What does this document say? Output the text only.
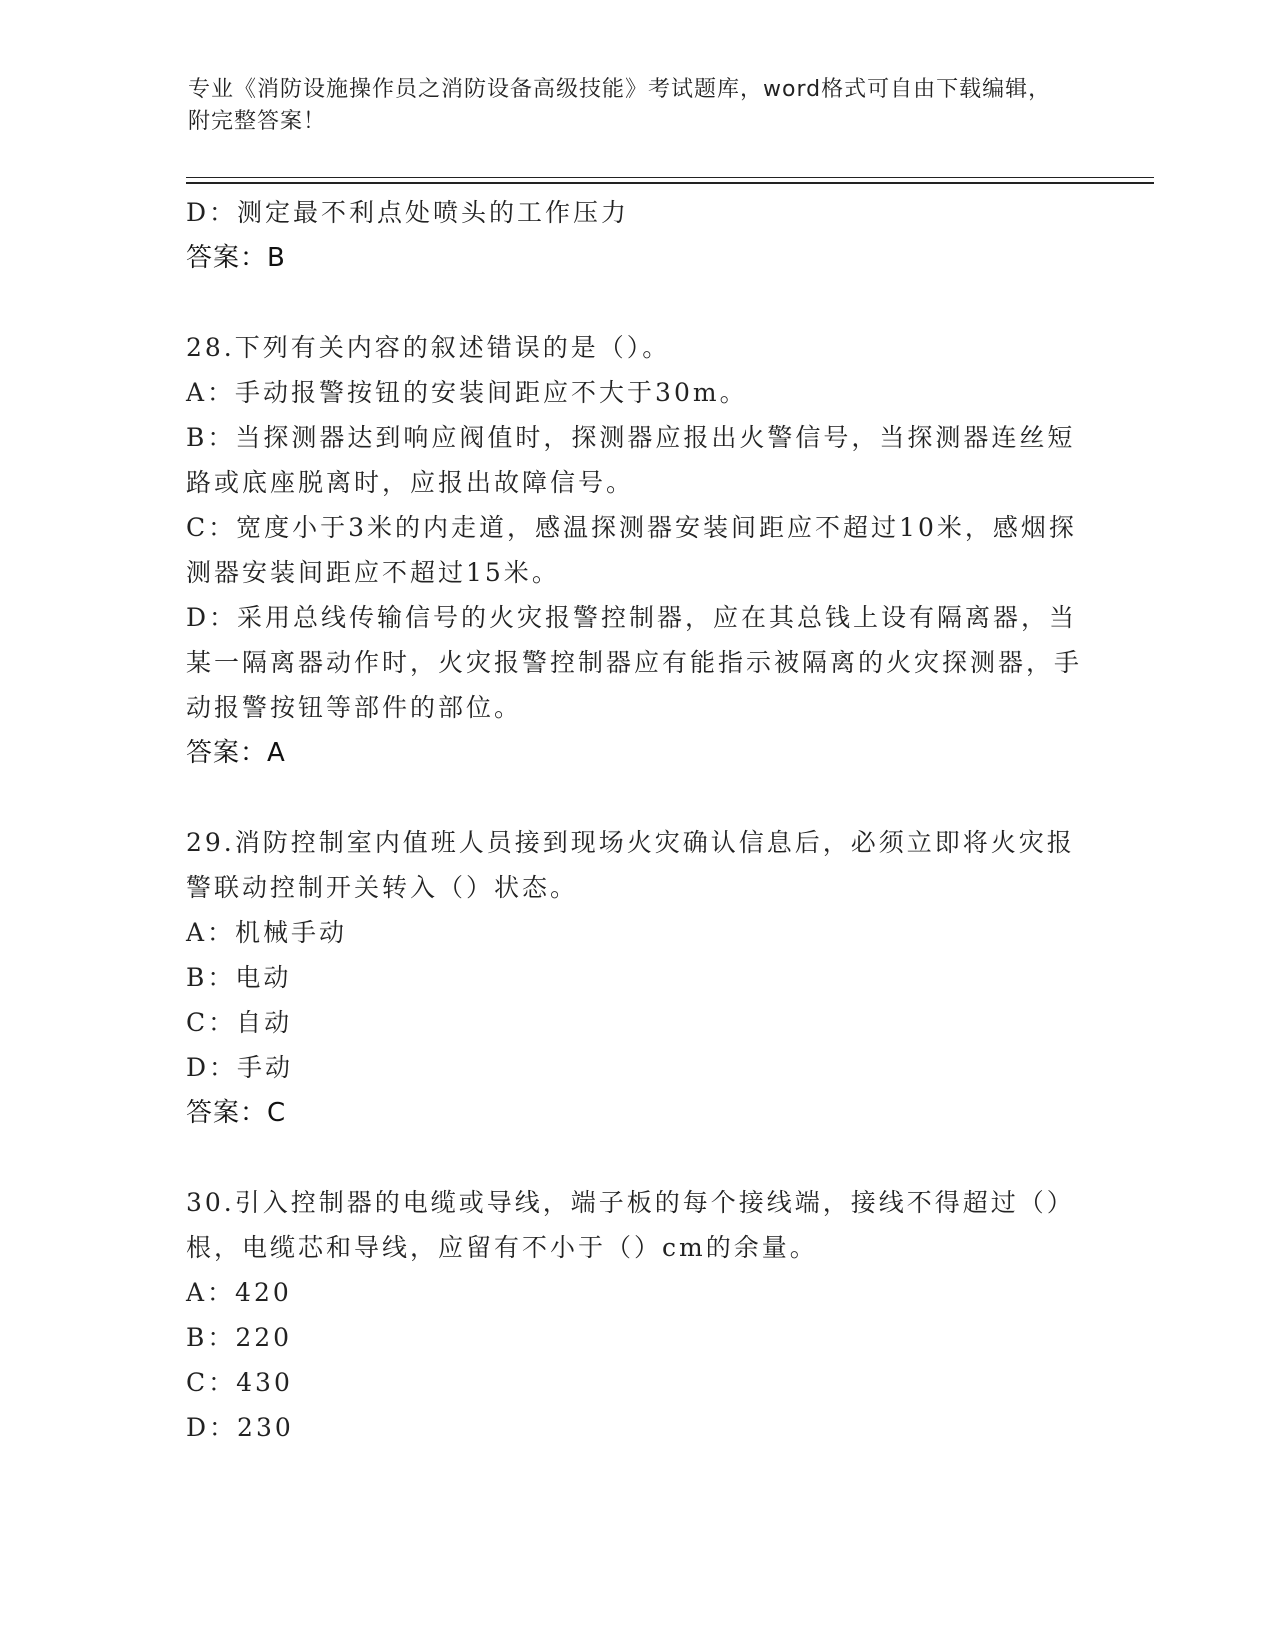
专业《消防设施操作员之消防设备高级技能》考试题库，word格式可自由下载编辑，附完整答案！
D：测定最不利点处喷头的工作压力
答案：B
28.下列有关内容的叙述错误的是（）。
A：手动报警按钮的安装间距应不大于30m。
B：当探测器达到响应阀值时，探测器应报出火警信号，当探测器连丝短路或底座脱离时，应报出故障信号。
C：宽度小于3米的内走道，感温探测器安装间距应不超过10米，感烟探测器安装间距应不超过15米。
D：采用总线传输信号的火灾报警控制器，应在其总钱上设有隔离器，当某一隔离器动作时，火灾报警控制器应有能指示被隔离的火灾探测器，手动报警按钮等部件的部位。
答案：A
29.消防控制室内值班人员接到现场火灾确认信息后，必须立即将火灾报警联动控制开关转入（）状态。
A：机械手动
B：电动
C：自动
D：手动
答案：C
30.引入控制器的电缆或导线，端子板的每个接线端，接线不得超过（）根，电缆芯和导线，应留有不小于（）cm的余量。
A：420
B：220
C：430
D：230
